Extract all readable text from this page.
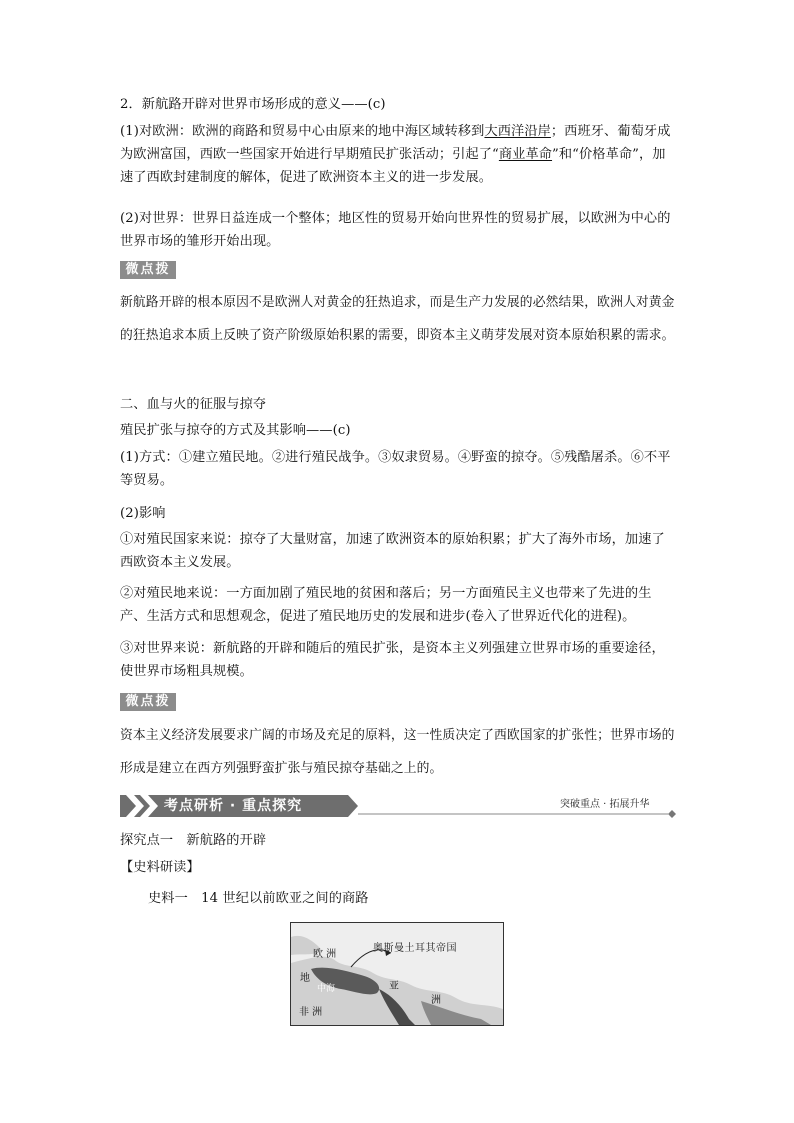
2．新航路开辟对世界市场形成的意义——(c)
(1)对欧洲：欧洲的商路和贸易中心由原来的地中海区域转移到大西洋沿岸；西班牙、葡萄牙成为欧洲富国，西欧一些国家开始进行早期殖民扩张活动；引起了“商业革命”和“价格革命”，加速了西欧封建制度的解体，促进了欧洲资本主义的进一步发展。
(2)对世界：世界日益连成一个整体；地区性的贸易开始向世界性的贸易扩展，以欧洲为中心的世界市场的雏形开始出现。
微点拨
新航路开辟的根本原因不是欧洲人对黄金的狂热追求，而是生产力发展的必然结果，欧洲人对黄金的狂热追求本质上反映了资产阶级原始积累的需要，即资本主义萌芽发展对资本原始积累的需求。
二、血与火的征服与掠夺
殖民扩张与掠夺的方式及其影响——(c)
(1)方式：①建立殖民地。②进行殖民战争。③奴隶贸易。④野蛮的掠夺。⑤残酷屠杀。⑥不平等贸易。
(2)影响
①对殖民国家来说：掠夺了大量财富，加速了欧洲资本的原始积累；扩大了海外市场，加速了西欧资本主义发展。
②对殖民地来说：一方面加剧了殖民地的贫困和落后；另一方面殖民主义也带来了先进的生产、生活方式和思想观念，促进了殖民地历史的发展和进步(卷入了世界近代化的进程)。
③对世界来说：新航路的开辟和随后的殖民扩张，是资本主义列强建立世界市场的重要途径，使世界市场粗具规模。
微点拨
资本主义经济发展要求广阔的市场及充足的原料，这一性质决定了西欧国家的扩张性；世界市场的形成是建立在西方列强野蛮扩张与殖民掠夺基础之上的。
考点研析 · 重点探究	突破重点 · 拓展升华
探究点一　新航路的开辟
【史料研读】
史料一　14 世纪以前欧亚之间的商路
欧 洲
奥斯曼土耳其帝国
地
中海	亚
洲
非 洲
